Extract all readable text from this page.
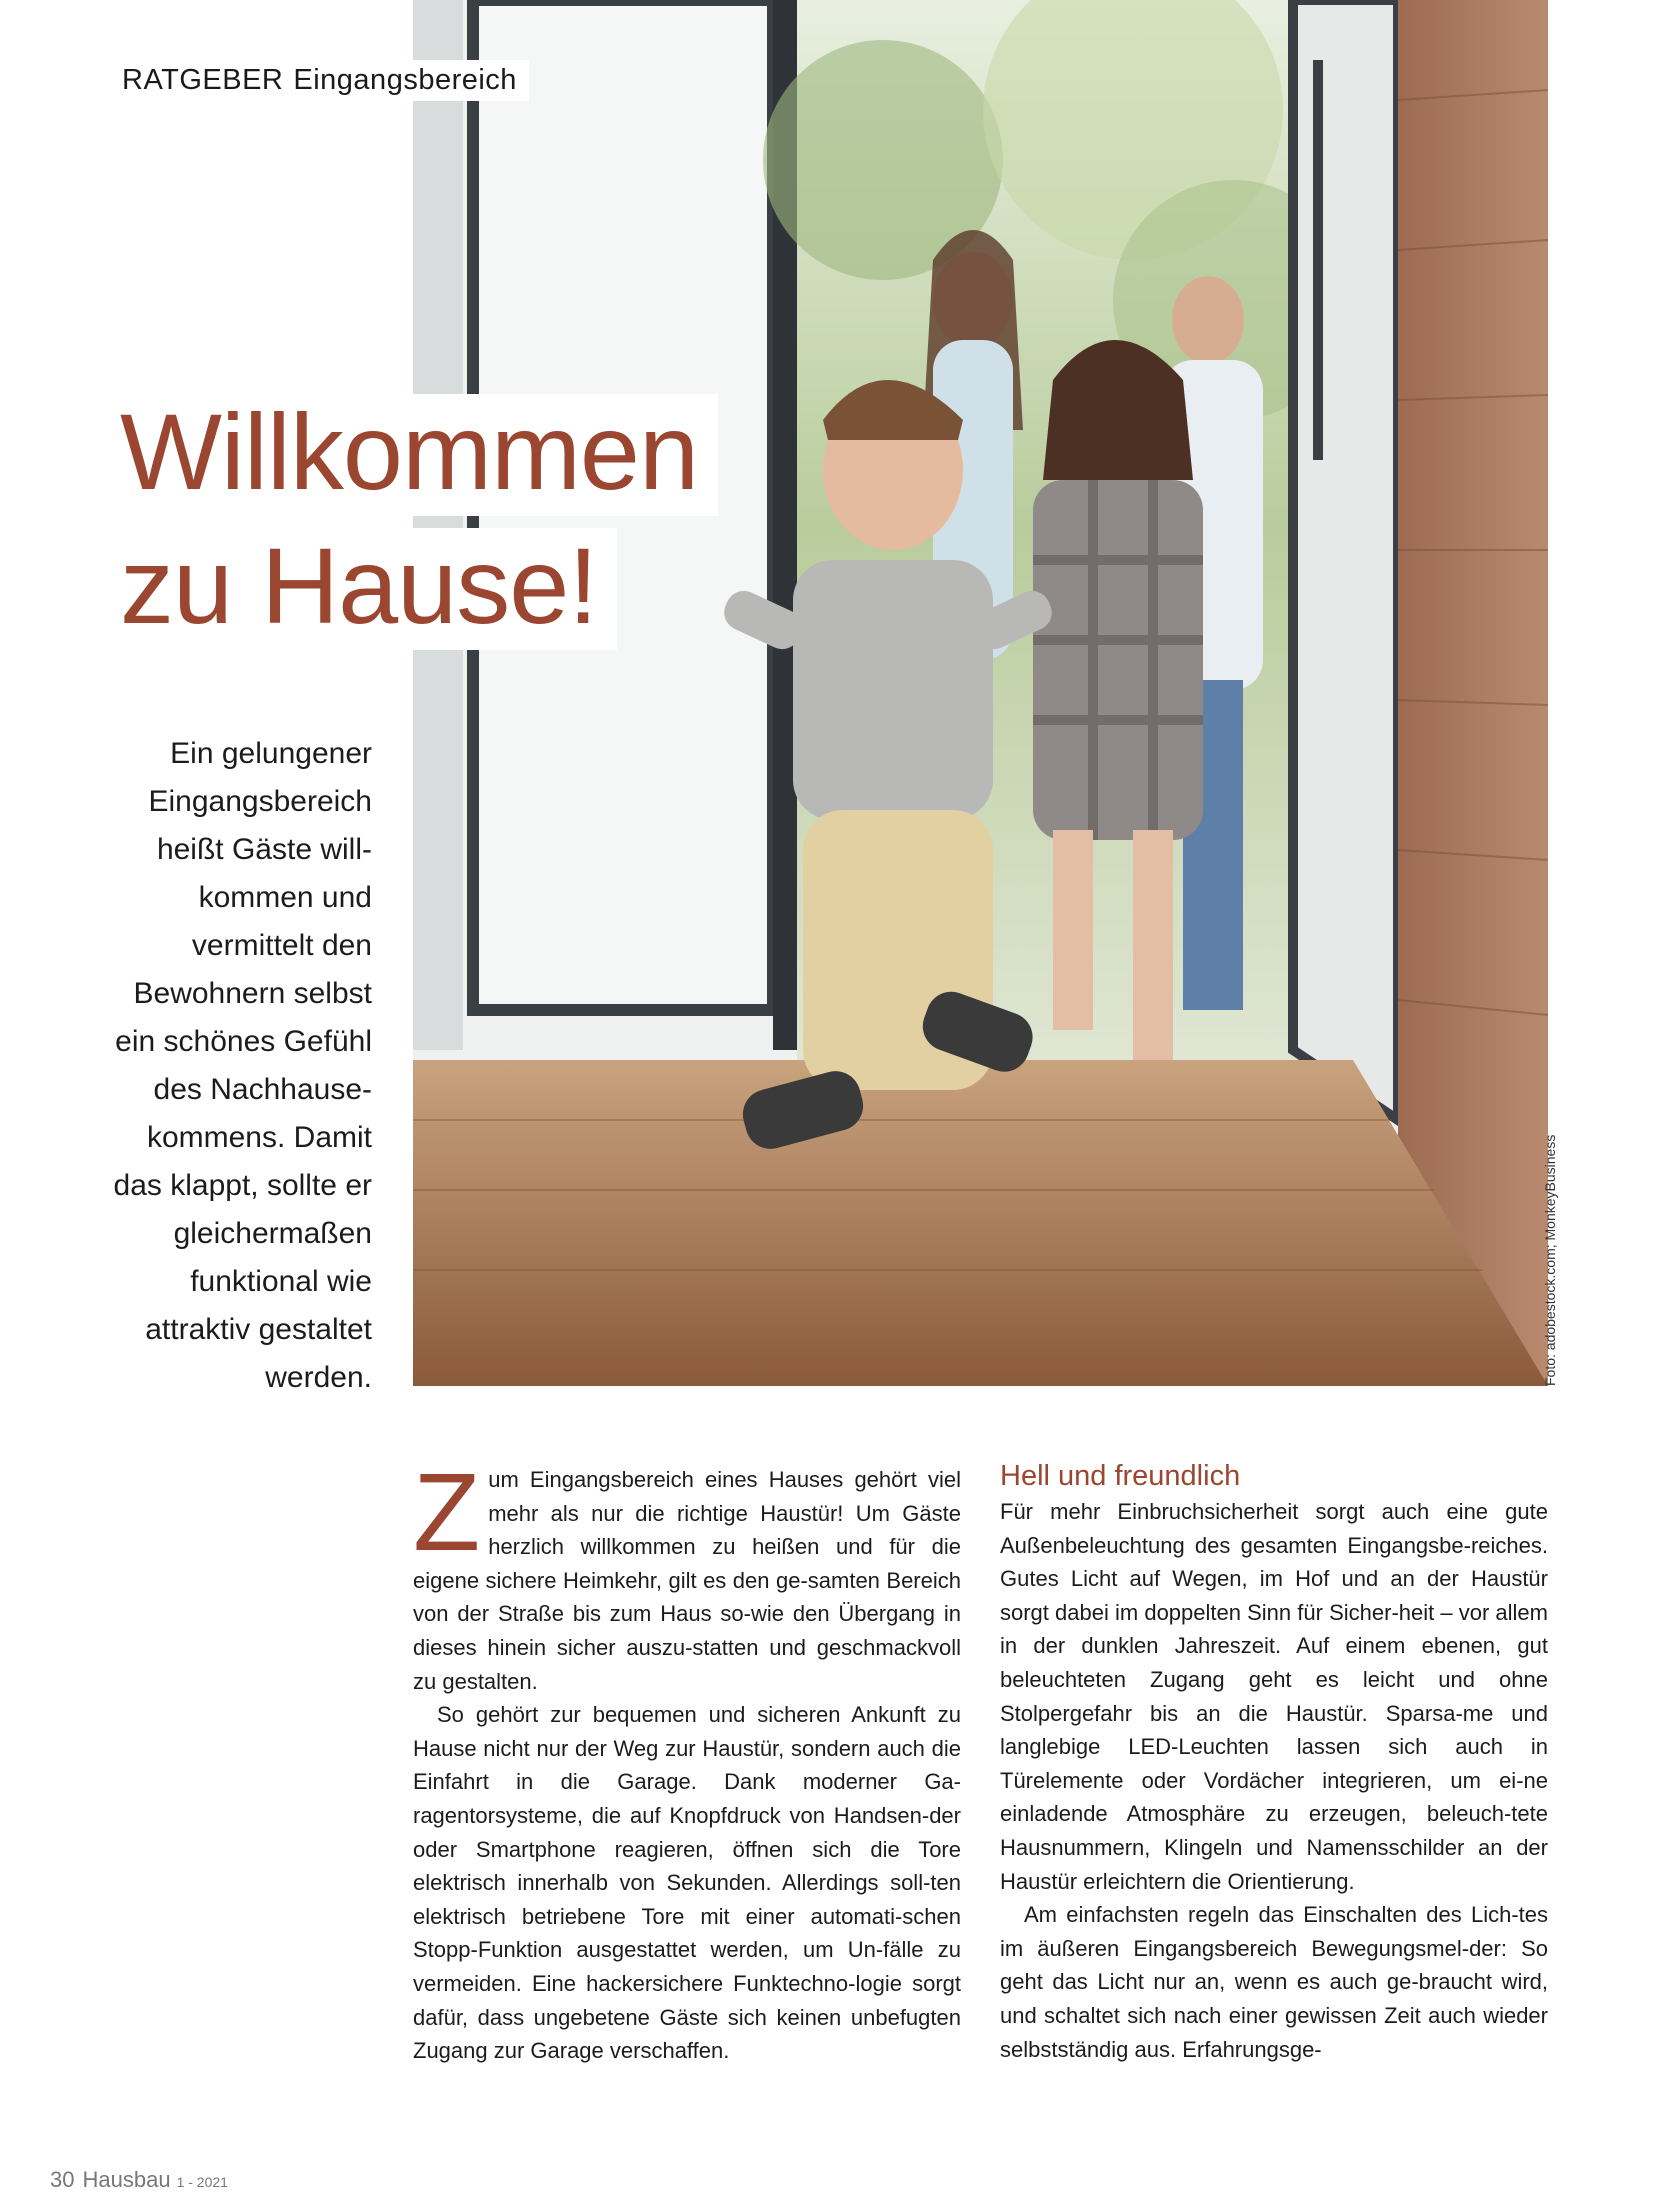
RATGEBER Eingangsbereich
Willkommen
zu Hause!
Ein gelungener Eingangsbereich heißt Gäste will-kommen und vermittelt den Bewohnern selbst ein schönes Gefühl des Nachhause-kommens. Damit das klappt, sollte er gleichermaßen funktional wie attraktiv gestaltet werden.	Foto: adobestock.com; MonkeyBusiness

Zum Eingangsbereich eines Hauses gehört viel mehr als nur die richtige Haustür! Um Gäste herzlich willkommen zu heißen und für die eigene sichere Heimkehr, gilt es den ge-samten Bereich von der Straße bis zum Haus so-wie den Übergang in dieses hinein sicher auszu-statten und geschmackvoll zu gestalten.

So gehört zur bequemen und sicheren Ankunft zu Hause nicht nur der Weg zur Haustür, sondern auch die Einfahrt in die Garage. Dank moderner Ga-ragentorsysteme, die auf Knopfdruck von Handsen-der oder Smartphone reagieren, öffnen sich die Tore elektrisch innerhalb von Sekunden. Allerdings soll-ten elektrisch betriebene Tore mit einer automati-schen Stopp-Funktion ausgestattet werden, um Un-fälle zu vermeiden. Eine hackersichere Funktechno-logie sorgt dafür, dass ungebetene Gäste sich keinen unbefugten Zugang zur Garage verschaffen.

Hell und freundlich

Für mehr Einbruchsicherheit sorgt auch eine gute Außenbeleuchtung des gesamten Eingangsbe-reiches. Gutes Licht auf Wegen, im Hof und an der Haustür sorgt dabei im doppelten Sinn für Sicher-heit – vor allem in der dunklen Jahreszeit. Auf einem ebenen, gut beleuchteten Zugang geht es leicht und ohne Stolpergefahr bis an die Haustür. Sparsa-me und langlebige LED-Leuchten lassen sich auch in Türelemente oder Vordächer integrieren, um ei-ne einladende Atmosphäre zu erzeugen, beleuch-tete Hausnummern, Klingeln und Namensschilder an der Haustür erleichtern die Orientierung.

Am einfachsten regeln das Einschalten des Lich-tes im äußeren Eingangsbereich Bewegungsmel-der: So geht das Licht nur an, wenn es auch ge-braucht wird, und schaltet sich nach einer gewissen Zeit auch wieder selbstständig aus. Erfahrungsge-

30 Hausbau 1 - 2021
